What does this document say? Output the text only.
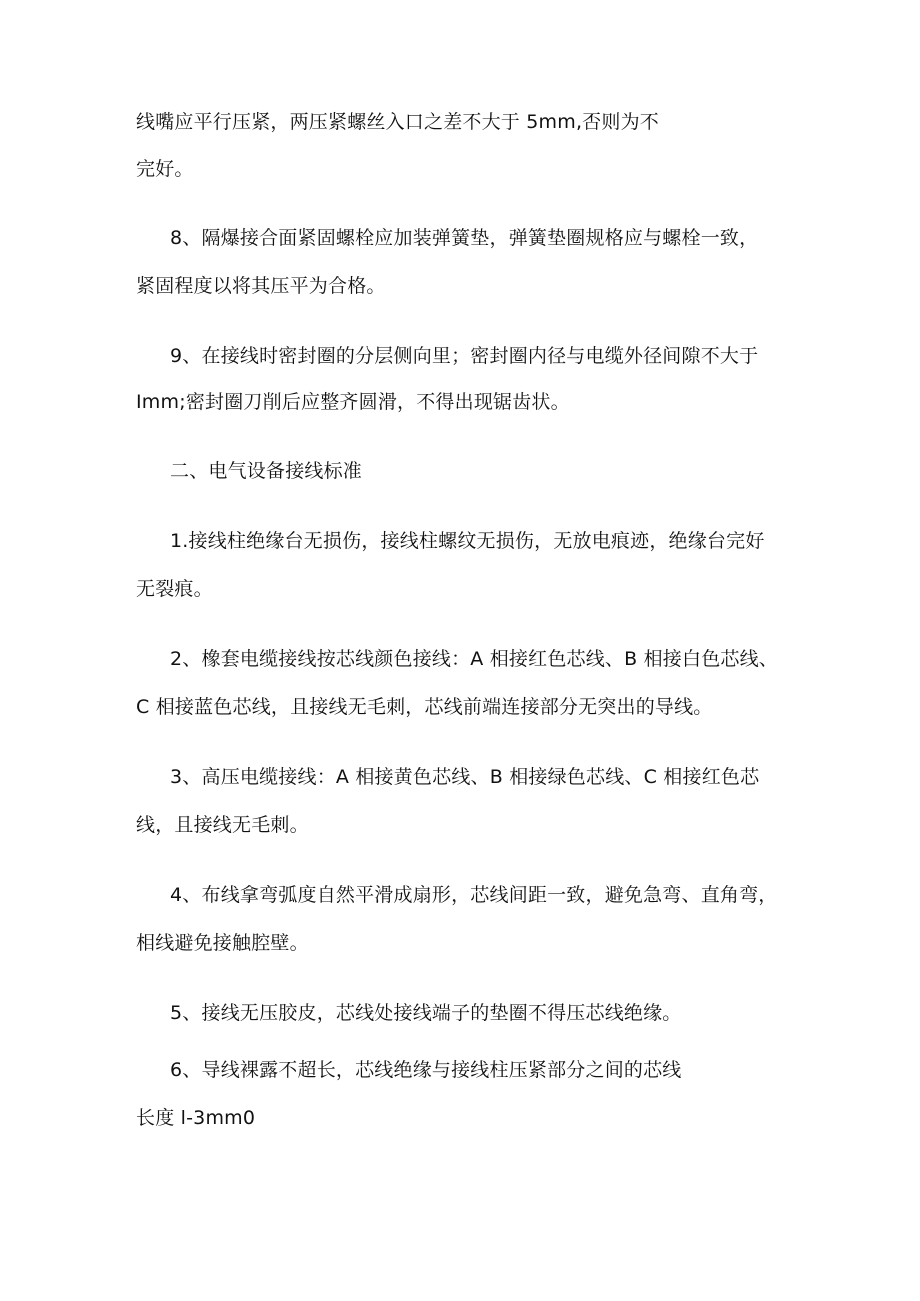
线嘴应平行压紧，两压紧螺丝入口之差不大于 5mm,否则为不
完好。
8、隔爆接合面紧固螺栓应加装弹簧垫，弹簧垫圈规格应与螺栓一致，
紧固程度以将其压平为合格。
9、在接线时密封圈的分层侧向里；密封圈内径与电缆外径间隙不大于
Imm;密封圈刀削后应整齐圆滑，不得出现锯齿状。
二、电气设备接线标准
1.接线柱绝缘台无损伤，接线柱螺纹无损伤，无放电痕迹，绝缘台完好
无裂痕。
2、橡套电缆接线按芯线颜色接线：A 相接红色芯线、B 相接白色芯线、
C 相接蓝色芯线，且接线无毛刺，芯线前端连接部分无突出的导线。
3、高压电缆接线：A 相接黄色芯线、B 相接绿色芯线、C 相接红色芯
线，且接线无毛刺。
4、布线拿弯弧度自然平滑成扇形，芯线间距一致，避免急弯、直角弯，
相线避免接触腔壁。
5、接线无压胶皮，芯线处接线端子的垫圈不得压芯线绝缘。
6、导线裸露不超长，芯线绝缘与接线柱压紧部分之间的芯线
长度 l-3mm0
